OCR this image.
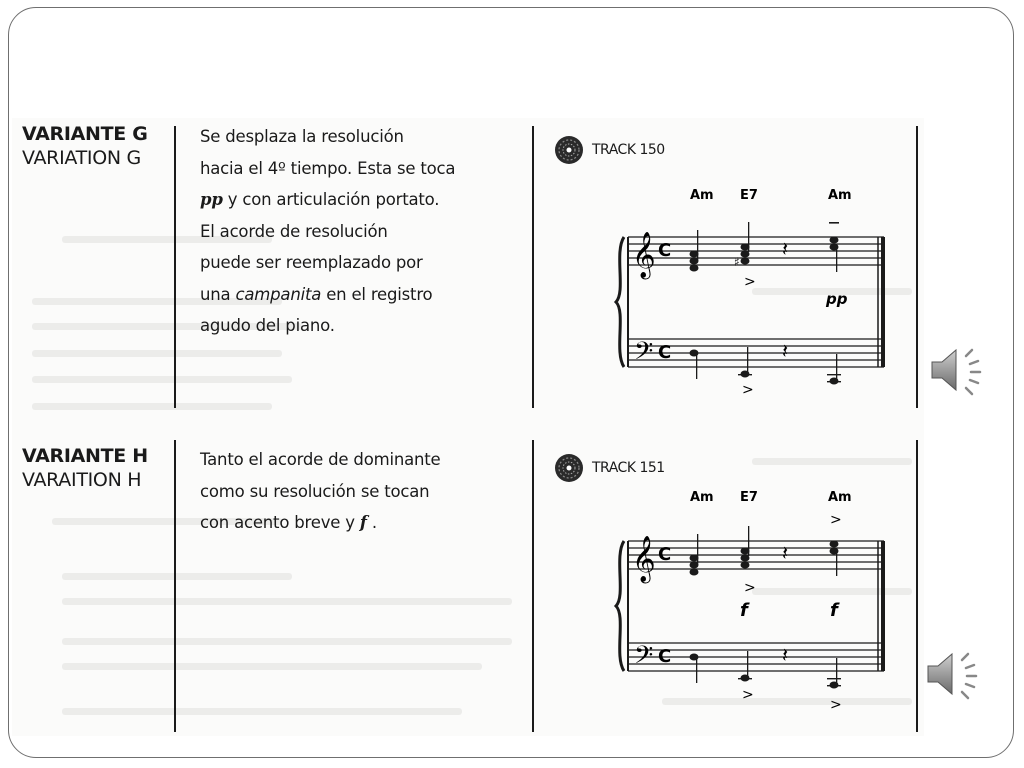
VARIANTE G
VARIATION G
Se desplaza la resolución
hacia el 4º tiempo. Esta se toca
pp y con articulación portato.
El acorde de resolución
puede ser reemplazado por
una campanita en el registro
agudo del piano.
TRACK 150
Am E7	Am
𝄞
𝄢
C
C
♯
𝄽
>
pp
𝄽
>
VARIANTE H
VARAITION H
Tanto el acorde de dominante
como su resolución se tocan
con acento breve y f .
TRACK 151
Am E7	Am
𝄞
𝄢
C
C
𝄽
>
>
f	f
𝄽
>
>
